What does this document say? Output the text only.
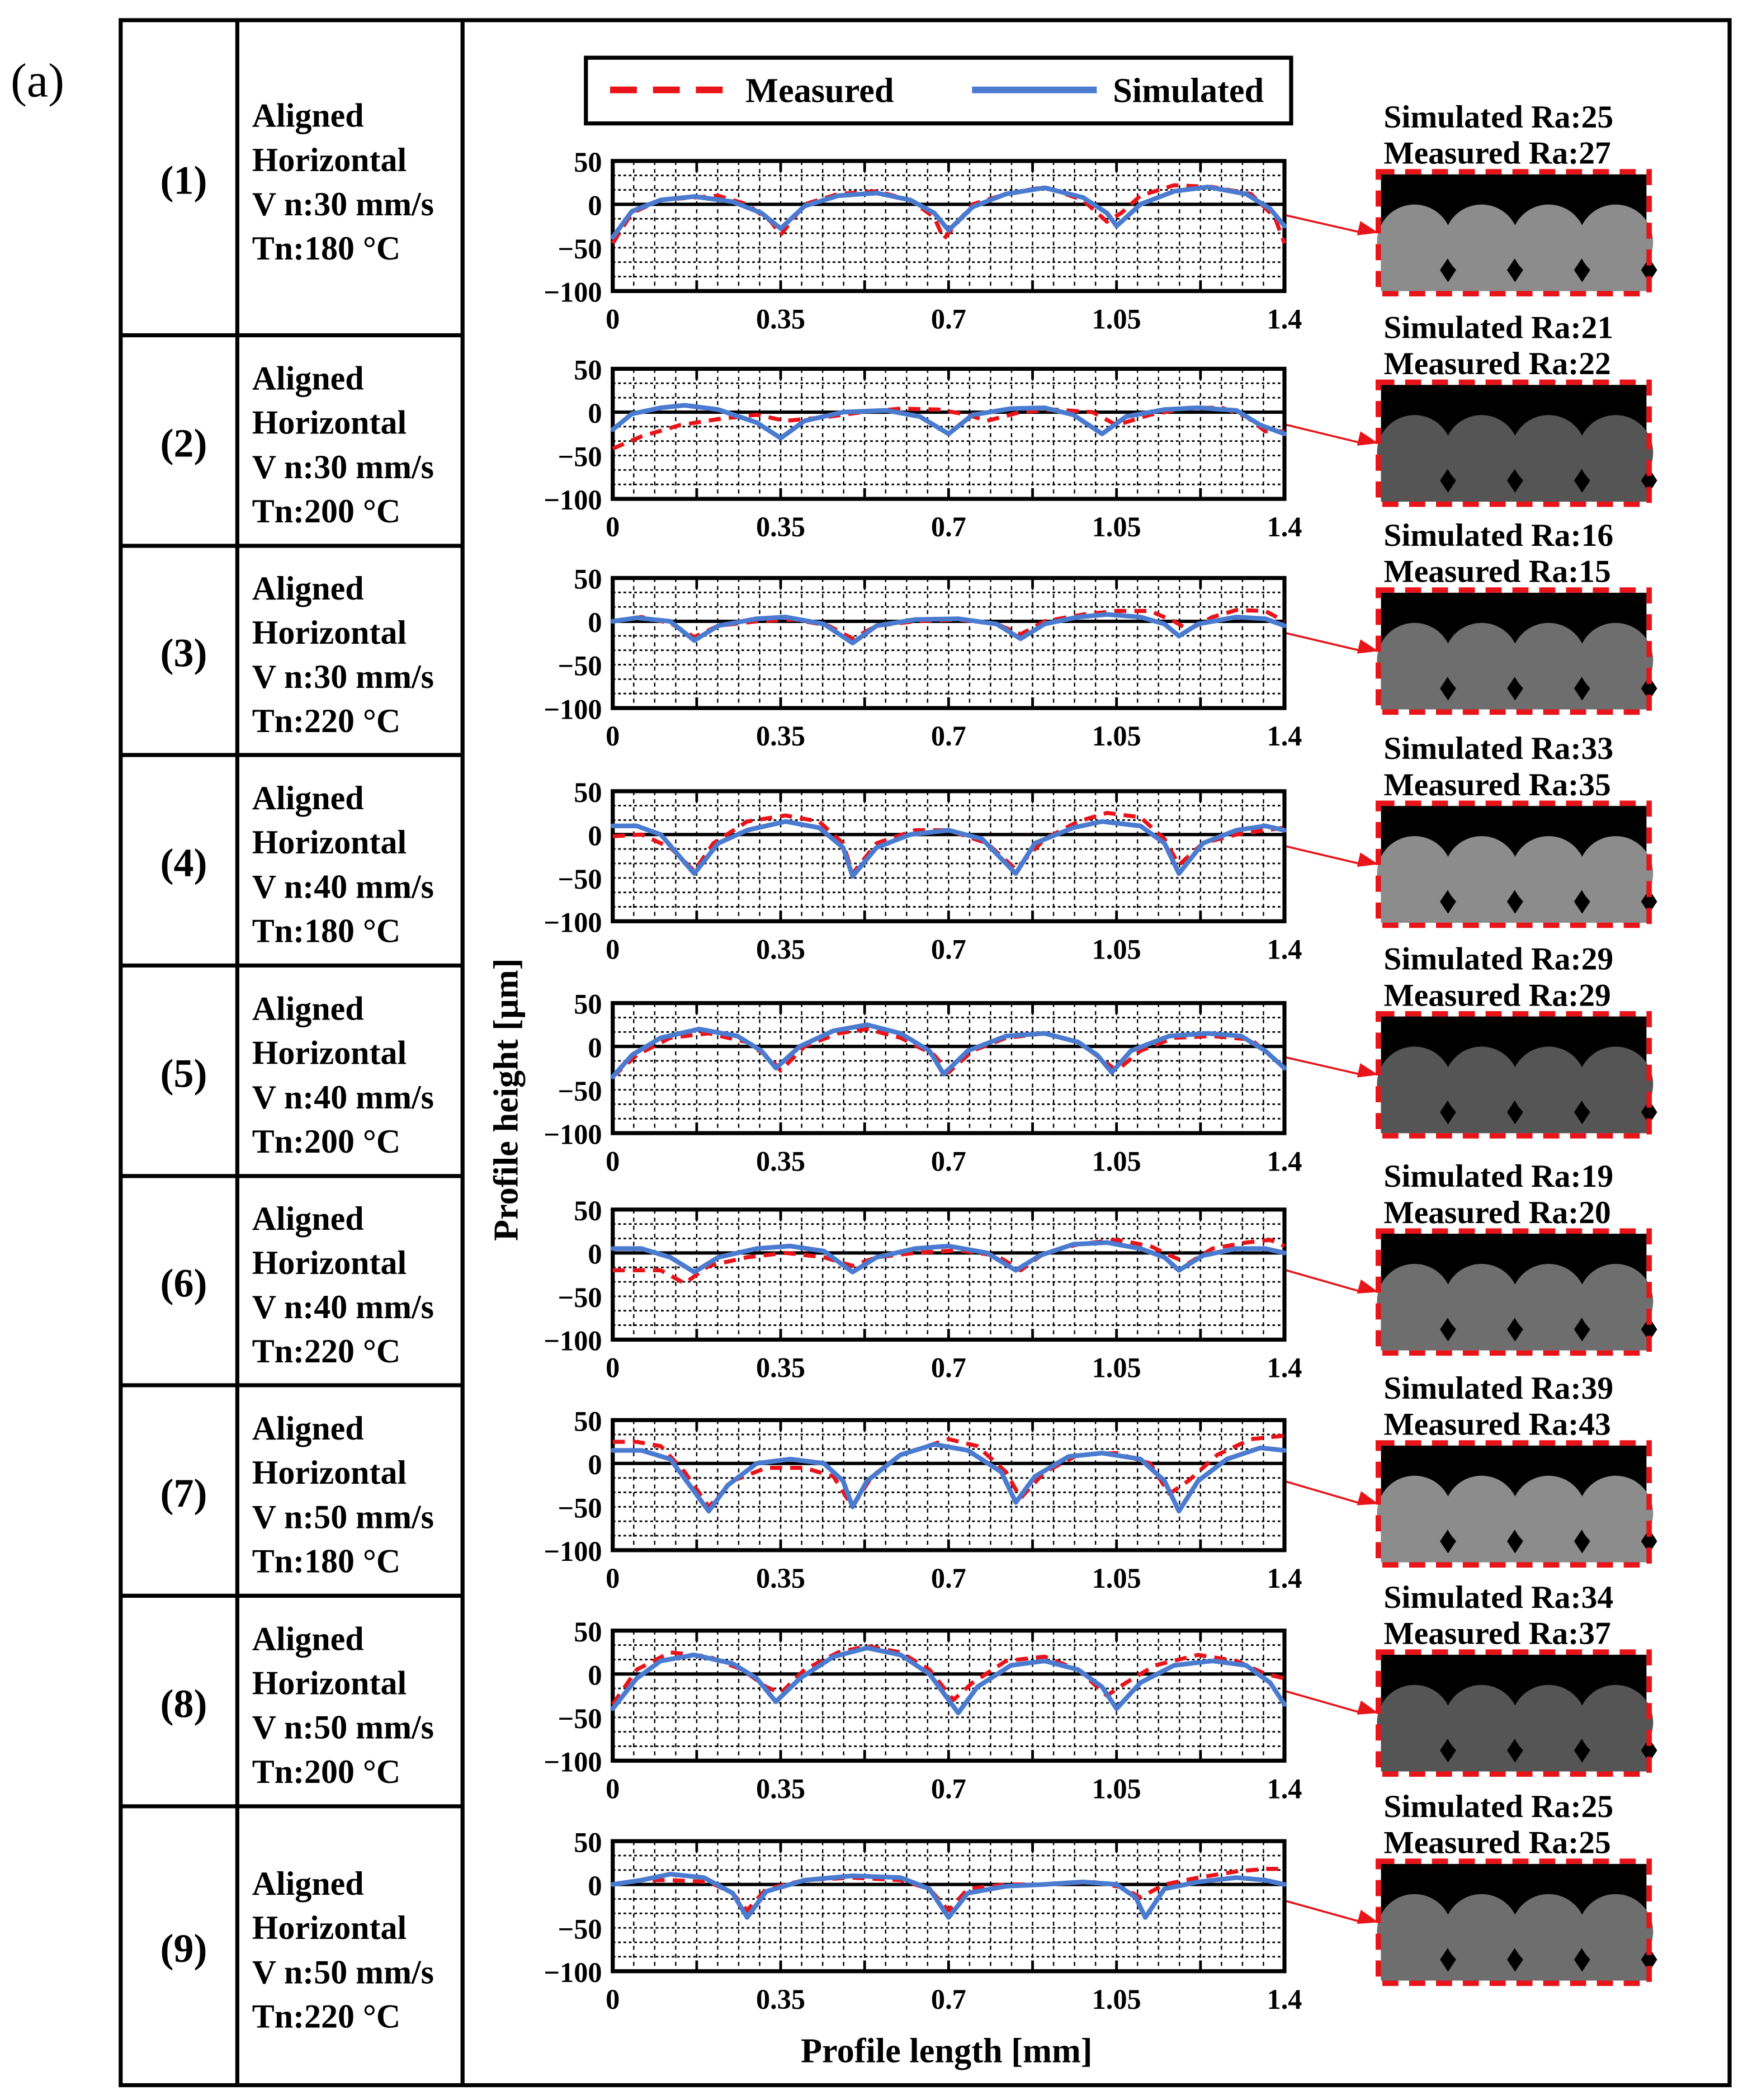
(a)
(1)
Aligned
Horizontal
V n:30 mm/s
Tn:180 °C
(2)
Aligned
Horizontal
V n:30 mm/s
Tn:200 °C
(3)
Aligned
Horizontal
V n:30 mm/s
Tn:220 °C
(4)
Aligned
Horizontal
V n:40 mm/s
Tn:180 °C
(5)
Aligned
Horizontal
V n:40 mm/s
Tn:200 °C
(6)
Aligned
Horizontal
V n:40 mm/s
Tn:220 °C
(7)
Aligned
Horizontal
V n:50 mm/s
Tn:180 °C
(8)
Aligned
Horizontal
V n:50 mm/s
Tn:200 °C
(9)
Aligned
Horizontal
V n:50 mm/s
Tn:220 °C
Measured	Simulated
Simulated Ra:25
Measured Ra:27
Simulated Ra:21
Measured Ra:22
Simulated Ra:16
Measured Ra:15
Simulated Ra:33
Measured Ra:35
Simulated Ra:29
Measured Ra:29
Simulated Ra:19
Measured Ra:20
Simulated Ra:39
Measured Ra:43
Simulated Ra:34
Measured Ra:37
Simulated Ra:25
Measured Ra:25
50
0
−50
−100
0	0.35	0.7	1.05	1.4
50
0
−50
−100
0	0.35	0.7	1.05	1.4
50
0
−50
−100
0	0.35	0.7	1.05	1.4
50
0
−50
−100
0	0.35	0.7	1.05	1.4
50
0
−50
−100
0	0.35	0.7	1.05	1.4
50
0
−50
−100
0	0.35	0.7	1.05	1.4
50
0
−50
−100
0	0.35	0.7	1.05	1.4
50
0
−50
−100
0	0.35	0.7	1.05	1.4
50
0
−50
−100
0	0.35	0.7	1.05	1.4
Profile height [µm]
Profile length [mm]
